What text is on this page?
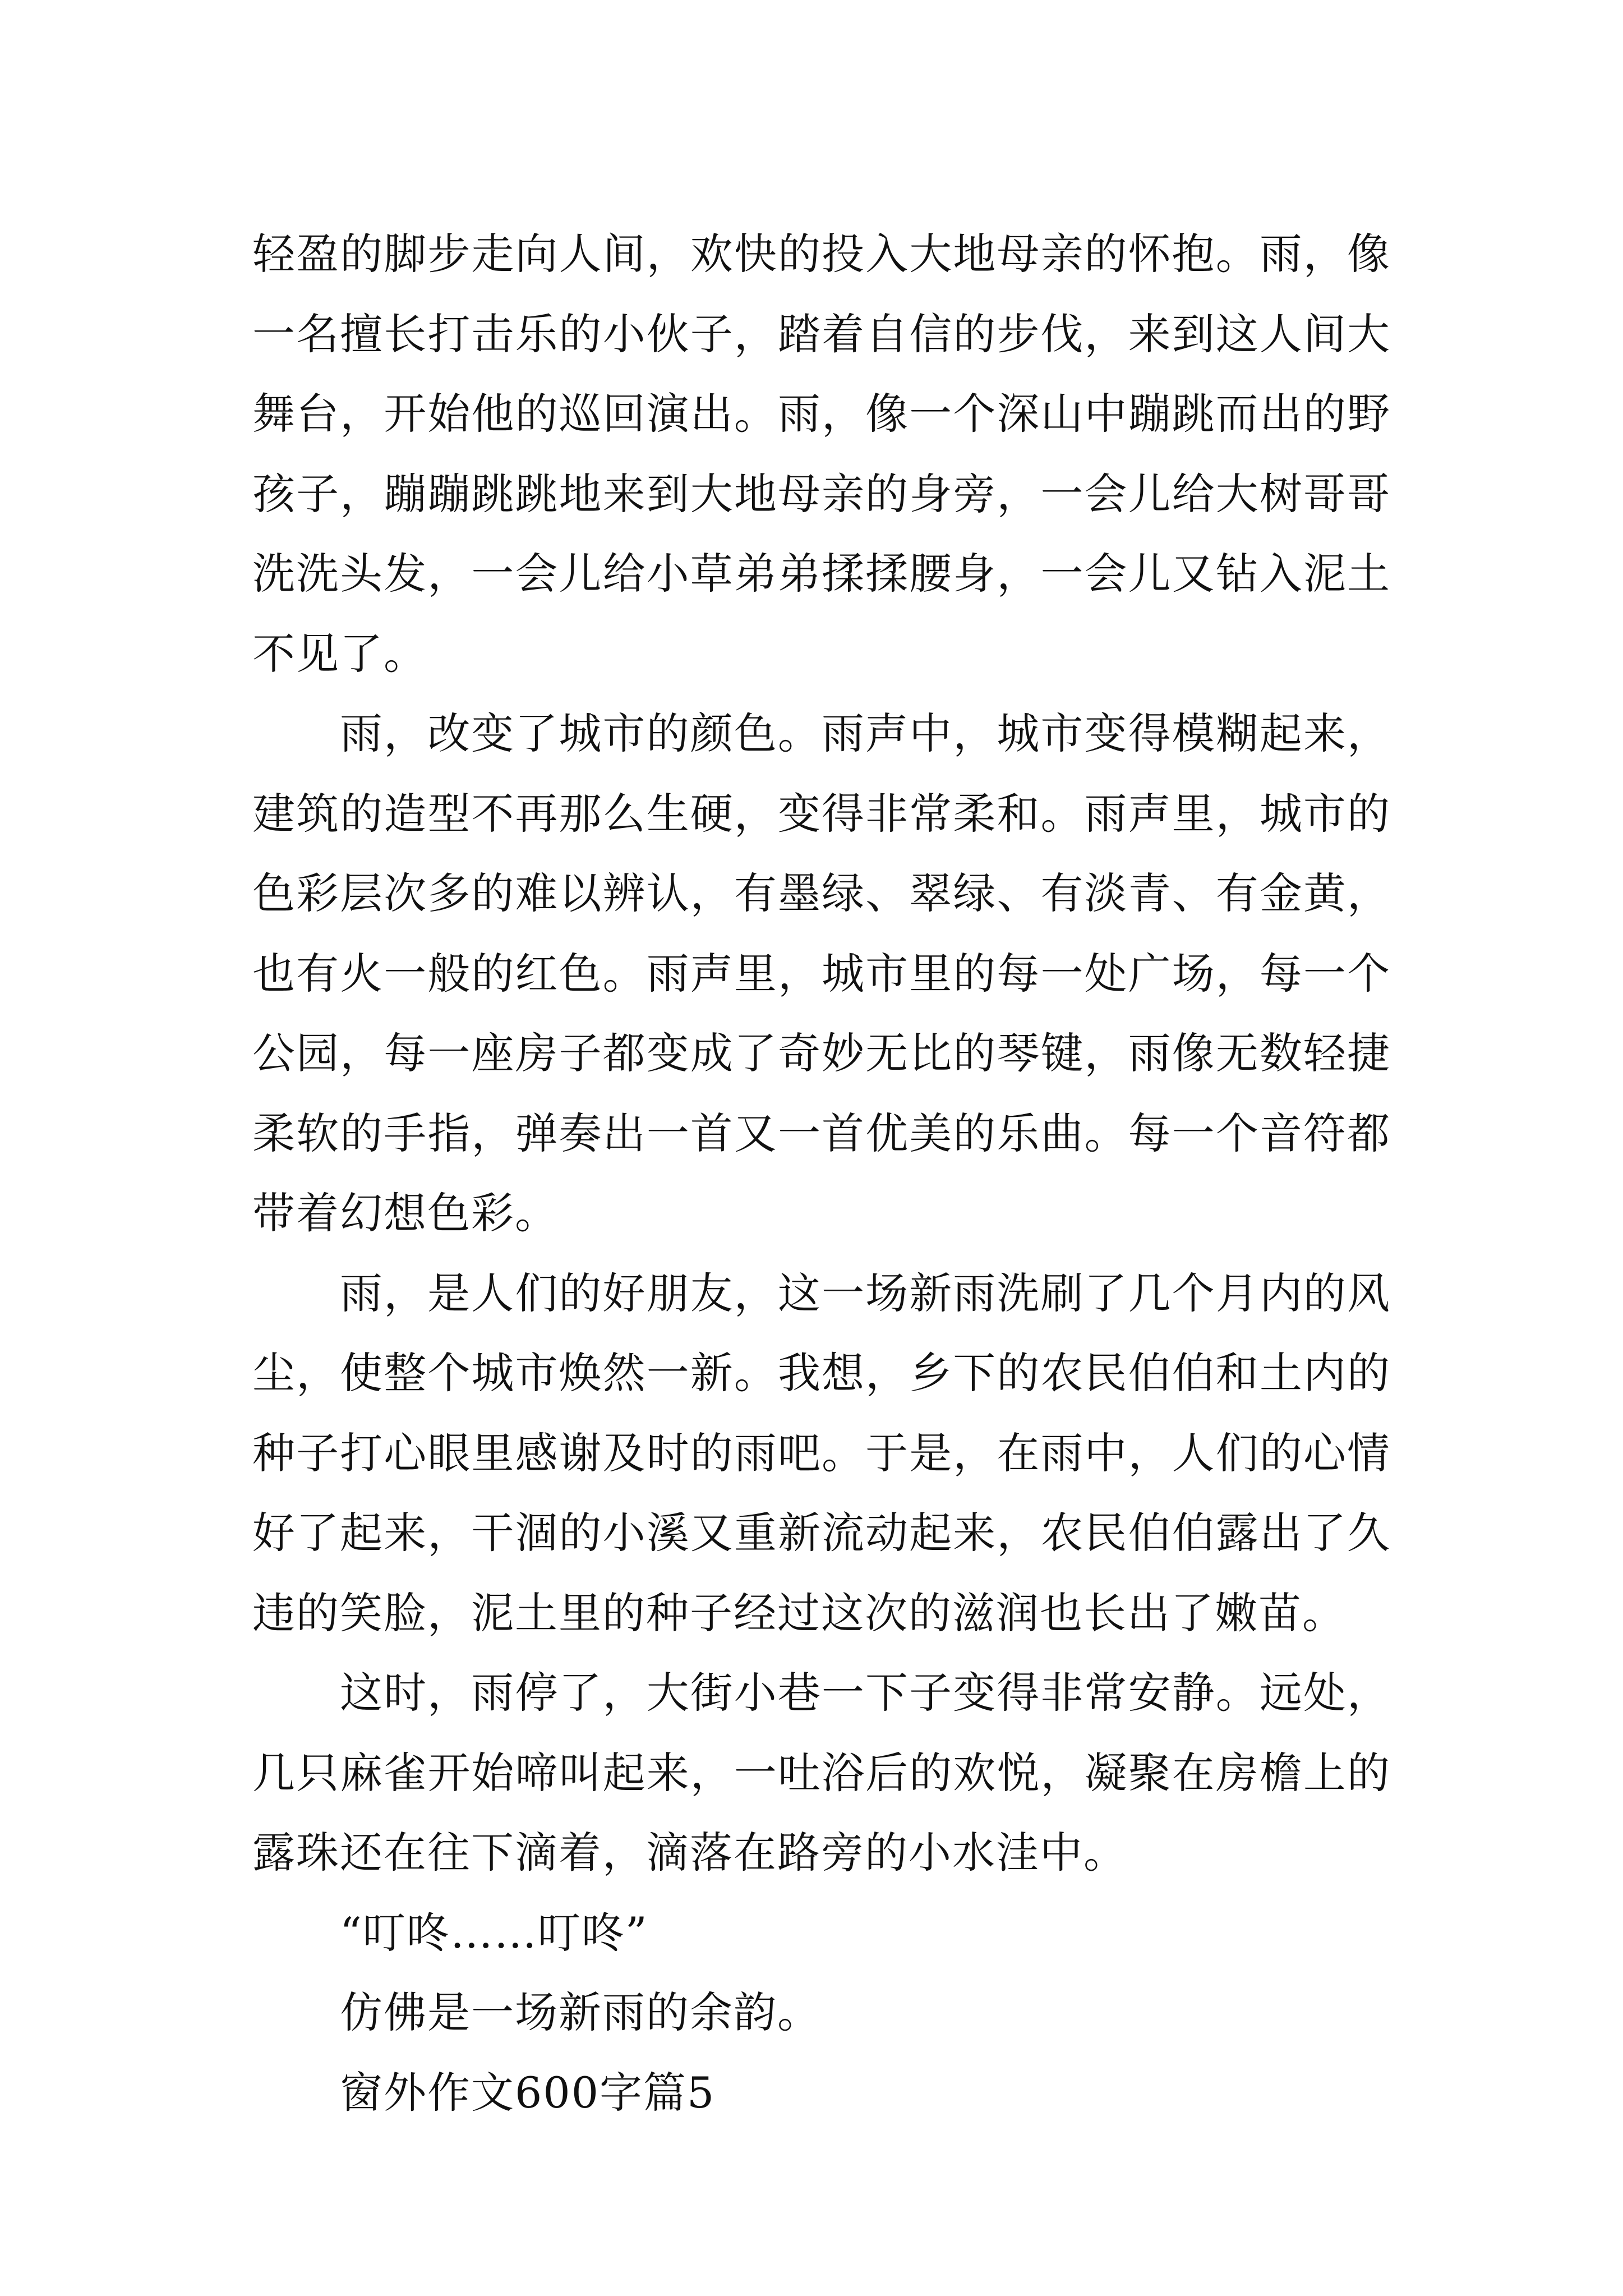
轻盈的脚步走向人间，欢快的投入大地母亲的怀抱。雨，像一名擅长打击乐的小伙子，踏着自信的步伐，来到这人间大舞台，开始他的巡回演出。雨，像一个深山中蹦跳而出的野孩子，蹦蹦跳跳地来到大地母亲的身旁，一会儿给大树哥哥洗洗头发，一会儿给小草弟弟揉揉腰身，一会儿又钻入泥土不见了。

雨，改变了城市的颜色。雨声中，城市变得模糊起来，建筑的造型不再那么生硬，变得非常柔和。雨声里，城市的色彩层次多的难以辨认，有墨绿、翠绿、有淡青、有金黄，也有火一般的红色。雨声里，城市里的每一处广场，每一个公园，每一座房子都变成了奇妙无比的琴键，雨像无数轻捷柔软的手指，弹奏出一首又一首优美的乐曲。每一个音符都带着幻想色彩。

雨，是人们的好朋友，这一场新雨洗刷了几个月内的风尘，使整个城市焕然一新。我想，乡下的农民伯伯和土内的种子打心眼里感谢及时的雨吧。于是，在雨中，人们的心情好了起来，干涸的小溪又重新流动起来，农民伯伯露出了久违的笑脸，泥土里的种子经过这次的滋润也长出了嫩苗。

这时，雨停了，大街小巷一下子变得非常安静。远处，几只麻雀开始啼叫起来，一吐浴后的欢悦，凝聚在房檐上的露珠还在往下滴着，滴落在路旁的小水洼中。

“叮咚……叮咚”

仿佛是一场新雨的余韵。

窗外作文600字篇5
